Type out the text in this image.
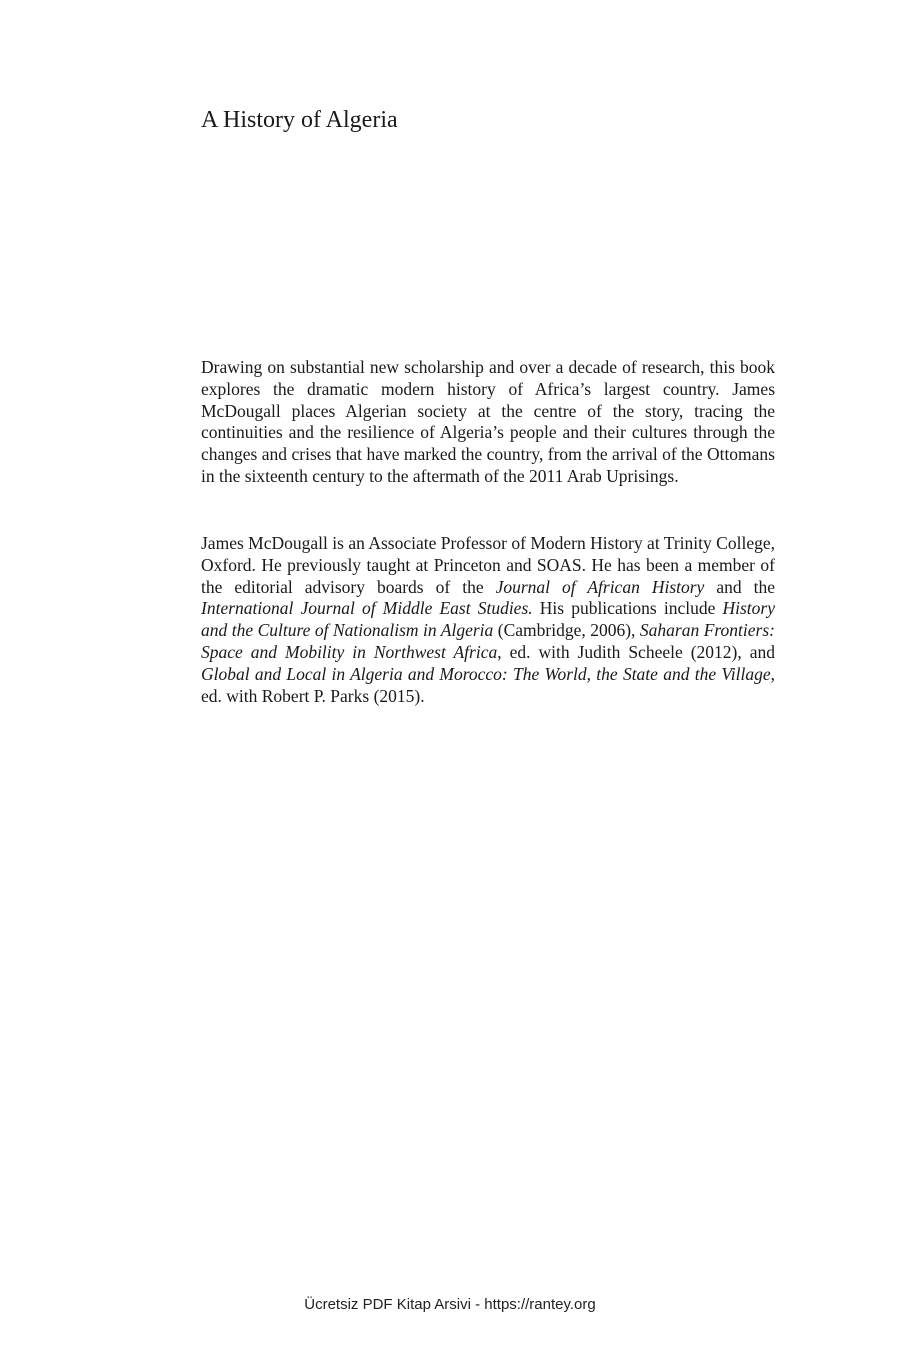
A History of Algeria

Drawing on substantial new scholarship and over a decade of research, this book explores the dramatic modern history of Africa’s largest country. James McDougall places Algerian society at the centre of the story, tracing the continuities and the resilience of Algeria’s people and their cultures through the changes and crises that have marked the country, from the arrival of the Ottomans in the sixteenth century to the aftermath of the 2011 Arab Uprisings.

James McDougall is an Associate Professor of Modern History at Trinity College, Oxford. He previously taught at Princeton and SOAS. He has been a member of the editorial advisory boards of the Journal of African History and the International Journal of Middle East Studies. His publications include History and the Culture of Nationalism in Algeria (Cambridge, 2006), Saharan Frontiers: Space and Mobility in Northwest Africa, ed. with Judith Scheele (2012), and Global and Local in Algeria and Morocco: The World, the State and the Village, ed. with Robert P. Parks (2015).

Ücretsiz PDF Kitap Arsivi - https://rantey.org
